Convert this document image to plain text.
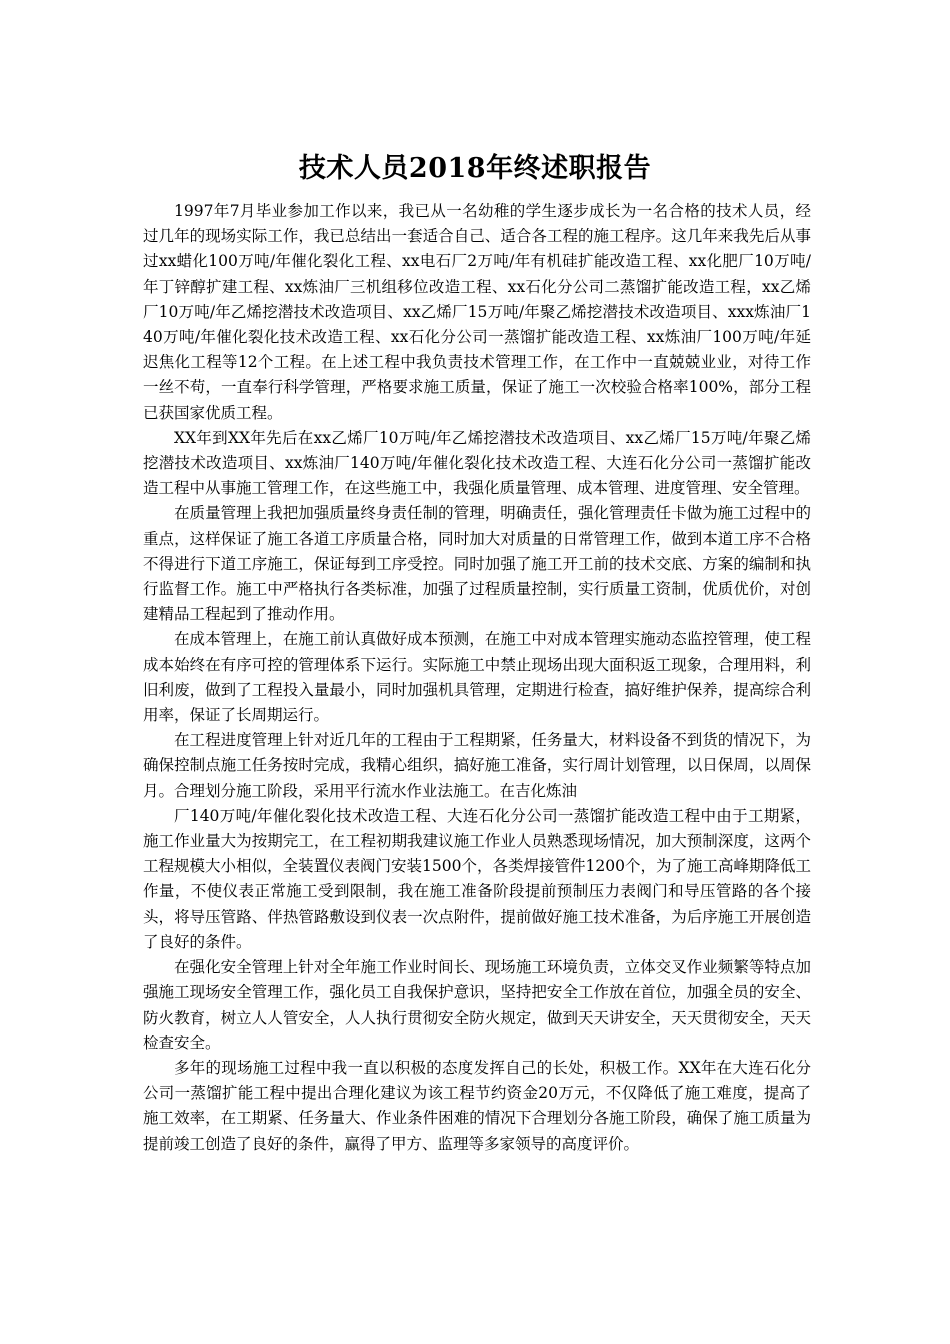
技术人员2018年终述职报告

1997年7月毕业参加工作以来，我已从一名幼稚的学生逐步成长为一名合格的技术人员，经过几年的现场实际工作，我已总结出一套适合自己、适合各工程的施工程序。这几年来我先后从事过xx蜡化100万吨/年催化裂化工程、xx电石厂2万吨/年有机硅扩能改造工程、xx化肥厂10万吨/年丁锌醇扩建工程、xx炼油厂三机组移位改造工程、xx石化分公司二蒸馏扩能改造工程，xx乙烯厂10万吨/年乙烯挖潜技术改造项目、xx乙烯厂15万吨/年聚乙烯挖潜技术改造项目、xxx炼油厂140万吨/年催化裂化技术改造工程、xx石化分公司一蒸馏扩能改造工程、xx炼油厂100万吨/年延迟焦化工程等12个工程。在上述工程中我负责技术管理工作，在工作中一直兢兢业业，对待工作一丝不苟，一直奉行科学管理，严格要求施工质量，保证了施工一次校验合格率100%，部分工程已获国家优质工程。

XX年到XX年先后在xx乙烯厂10万吨/年乙烯挖潜技术改造项目、xx乙烯厂15万吨/年聚乙烯挖潜技术改造项目、xx炼油厂140万吨/年催化裂化技术改造工程、大连石化分公司一蒸馏扩能改造工程中从事施工管理工作，在这些施工中，我强化质量管理、成本管理、进度管理、安全管理。

在质量管理上我把加强质量终身责任制的管理，明确责任，强化管理责任卡做为施工过程中的重点，这样保证了施工各道工序质量合格，同时加大对质量的日常管理工作，做到本道工序不合格不得进行下道工序施工，保证每到工序受控。同时加强了施工开工前的技术交底、方案的编制和执行监督工作。施工中严格执行各类标准，加强了过程质量控制，实行质量工资制，优质优价，对创建精品工程起到了推动作用。

在成本管理上，在施工前认真做好成本预测，在施工中对成本管理实施动态监控管理，使工程成本始终在有序可控的管理体系下运行。实际施工中禁止现场出现大面积返工现象，合理用料，利旧利废，做到了工程投入量最小，同时加强机具管理，定期进行检查，搞好维护保养，提高综合利用率，保证了长周期运行。

在工程进度管理上针对近几年的工程由于工程期紧，任务量大，材料设备不到货的情况下，为确保控制点施工任务按时完成，我精心组织，搞好施工准备，实行周计划管理，以日保周，以周保月。合理划分施工阶段，采用平行流水作业法施工。在吉化炼油

厂140万吨/年催化裂化技术改造工程、大连石化分公司一蒸馏扩能改造工程中由于工期紧，施工作业量大为按期完工，在工程初期我建议施工作业人员熟悉现场情况，加大预制深度，这两个工程规模大小相似，全装置仪表阀门安装1500个，各类焊接管件1200个，为了施工高峰期降低工作量，不使仪表正常施工受到限制，我在施工准备阶段提前预制压力表阀门和导压管路的各个接头，将导压管路、伴热管路敷设到仪表一次点附件，提前做好施工技术准备，为后序施工开展创造了良好的条件。

在强化安全管理上针对全年施工作业时间长、现场施工环境负责，立体交叉作业频繁等特点加强施工现场安全管理工作，强化员工自我保护意识，坚持把安全工作放在首位，加强全员的安全、防火教育，树立人人管安全，人人执行贯彻安全防火规定，做到天天讲安全，天天贯彻安全，天天检查安全。

多年的现场施工过程中我一直以积极的态度发挥自己的长处，积极工作。XX年在大连石化分公司一蒸馏扩能工程中提出合理化建议为该工程节约资金20万元，不仅降低了施工难度，提高了施工效率，在工期紧、任务量大、作业条件困难的情况下合理划分各施工阶段，确保了施工质量为提前竣工创造了良好的条件，赢得了甲方、监理等多家领导的高度评价。
